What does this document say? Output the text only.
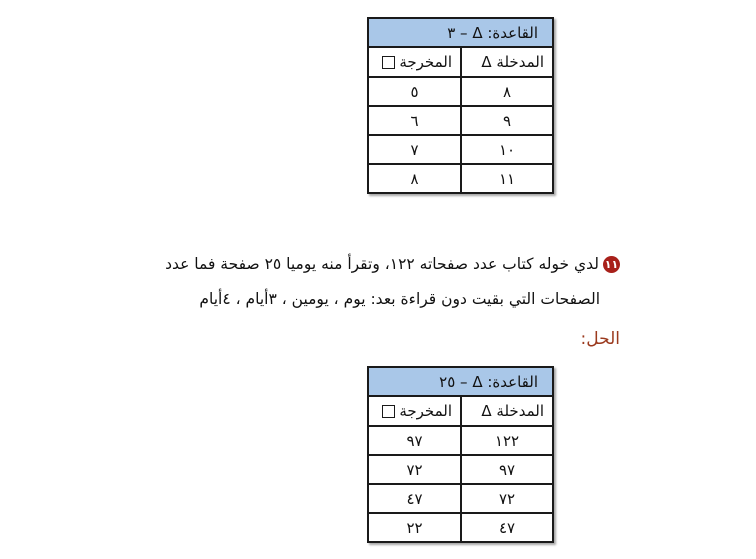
القاعدة: Δ – ٣	
المدخلة Δ	المخرجة
٨	٥
٩	٦
١٠	٧
١١	٨
١١لدي خوله كتاب عدد صفحاته ١٢٢، وتقرأ منه يوميا ٢٥ صفحة فما عدد
الصفحات التي بقيت دون قراءة بعد: يوم ، يومين ، ٣أيام ، ٤أيام
الحل:
القاعدة: Δ – ٢٥	
المدخلة Δ	المخرجة
١٢٢	٩٧
٩٧	٧٢
٧٢	٤٧
٤٧	٢٢
